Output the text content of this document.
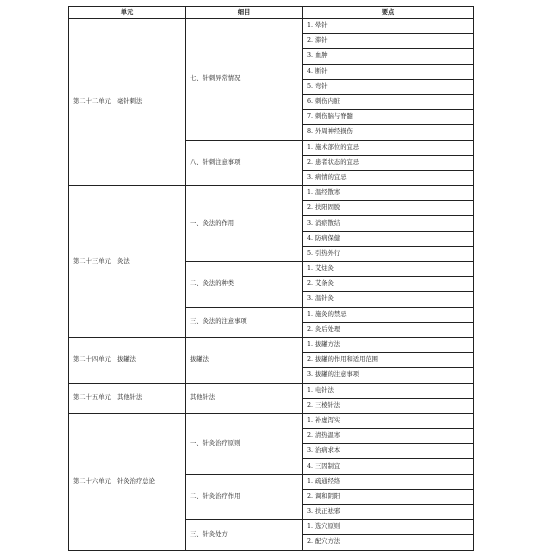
单元	细目	要点
第二十二单元　毫针刺法	七、针刺异常情况	1. 晕针
		2. 滞针
		3. 血肿
		4. 断针
		5. 弯针
		6. 刺伤内脏
		7. 刺伤脑与脊髓
		8. 外周神经损伤
	八、针刺注意事项	1. 施术部位的宜忌
		2. 患者状态的宜忌
		3. 病情的宜忌
第二十三单元　灸法	一、灸法的作用	1. 温经散寒
		2. 扶阳固脱
		3. 消瘀散结
		4. 防病保健
		5. 引热外行
	二、灸法的种类	1. 艾炷灸
		2. 艾条灸
		3. 温针灸
	三、灸法的注意事项	1. 施灸的禁忌
		2. 灸后处理
第二十四单元　拔罐法	拔罐法	1. 拔罐方法
		2. 拔罐的作用和适用范围
		3. 拔罐的注意事项
第二十五单元　其他针法	其他针法	1. 电针法
		2. 三棱针法
第二十六单元　针灸治疗总论	一、针灸治疗原则	1. 补虚泻实
		2. 清热温寒
		3. 治病求本
		4. 三因制宜
	二、针灸治疗作用	1. 疏通经络
		2. 调和阴阳
		3. 扶正祛邪
	三、针灸处方	1. 选穴原则
		2. 配穴方法
